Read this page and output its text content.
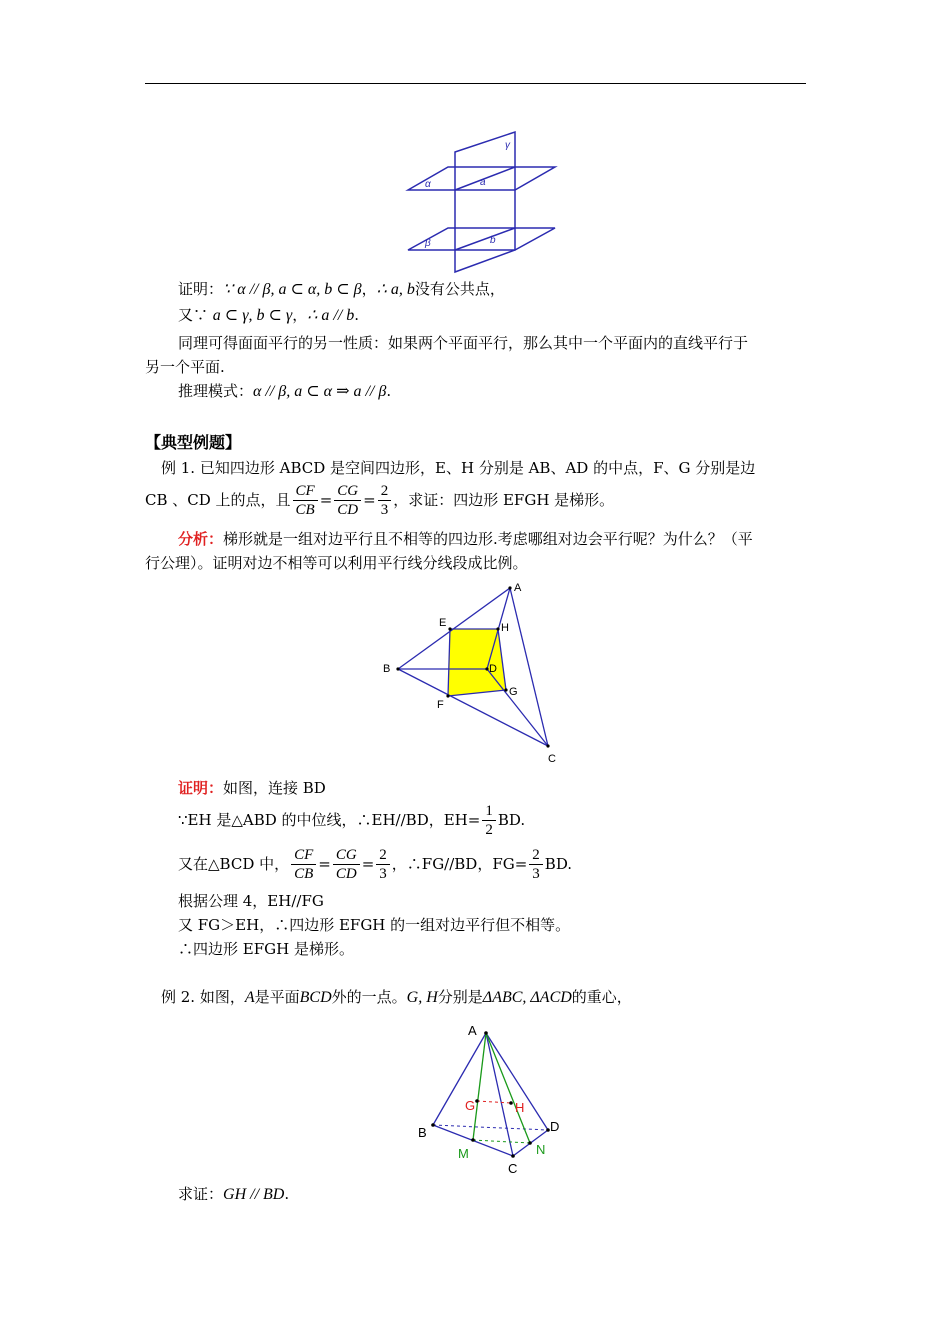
α	a
β	b
γ
证明：∵ α // β, a ⊂ α, b ⊂ β，∴ a, b没有公共点，
又∵ a ⊂ γ, b ⊂ γ，∴ a // b.
同理可得面面平行的另一性质：如果两个平面平行，那么其中一个平面内的直线平行于
另一个平面.
推理模式：α // β, a ⊂ α ⇒ a // β.
【典型例题】
例 1. 已知四边形 ABCD 是空间四边形，E、H 分别是 AB、AD 的中点，F、G 分别是边
CB 、CD 上的点，且 $\frac{CF}{CB} = \frac{CG}{CD} = \frac{2}{3}$ ，求证：四边形 EFGH 是梯形。
分析：梯形就是一组对边平行且不相等的四边形.考虑哪组对边会平行呢？为什么？（平
行公理）。证明对边不相等可以利用平行线分线段成比例。
A
B
C
D
E
F
G
H
证明：如图，连接 BD
∵EH 是△ABD 的中位线，∴EH//BD，$EH= \frac{1}{2}$ BD.
又在△BCD 中， $\frac{CF}{CB} = \frac{CG}{CD} = \frac{2}{3}$ ，∴FG//BD，$FG= \frac{2}{3}$ BD.
根据公理 4，EH//FG
又 FG＞EH，∴四边形 EFGH 的一组对边平行但不相等。
∴四边形 EFGH 是梯形。
例 2. 如图，A是平面BCD外的一点。G, H分别是ΔABC, ΔACD的重心，
A
B
C
D
G	H
M	N
求证：GH // BD.
